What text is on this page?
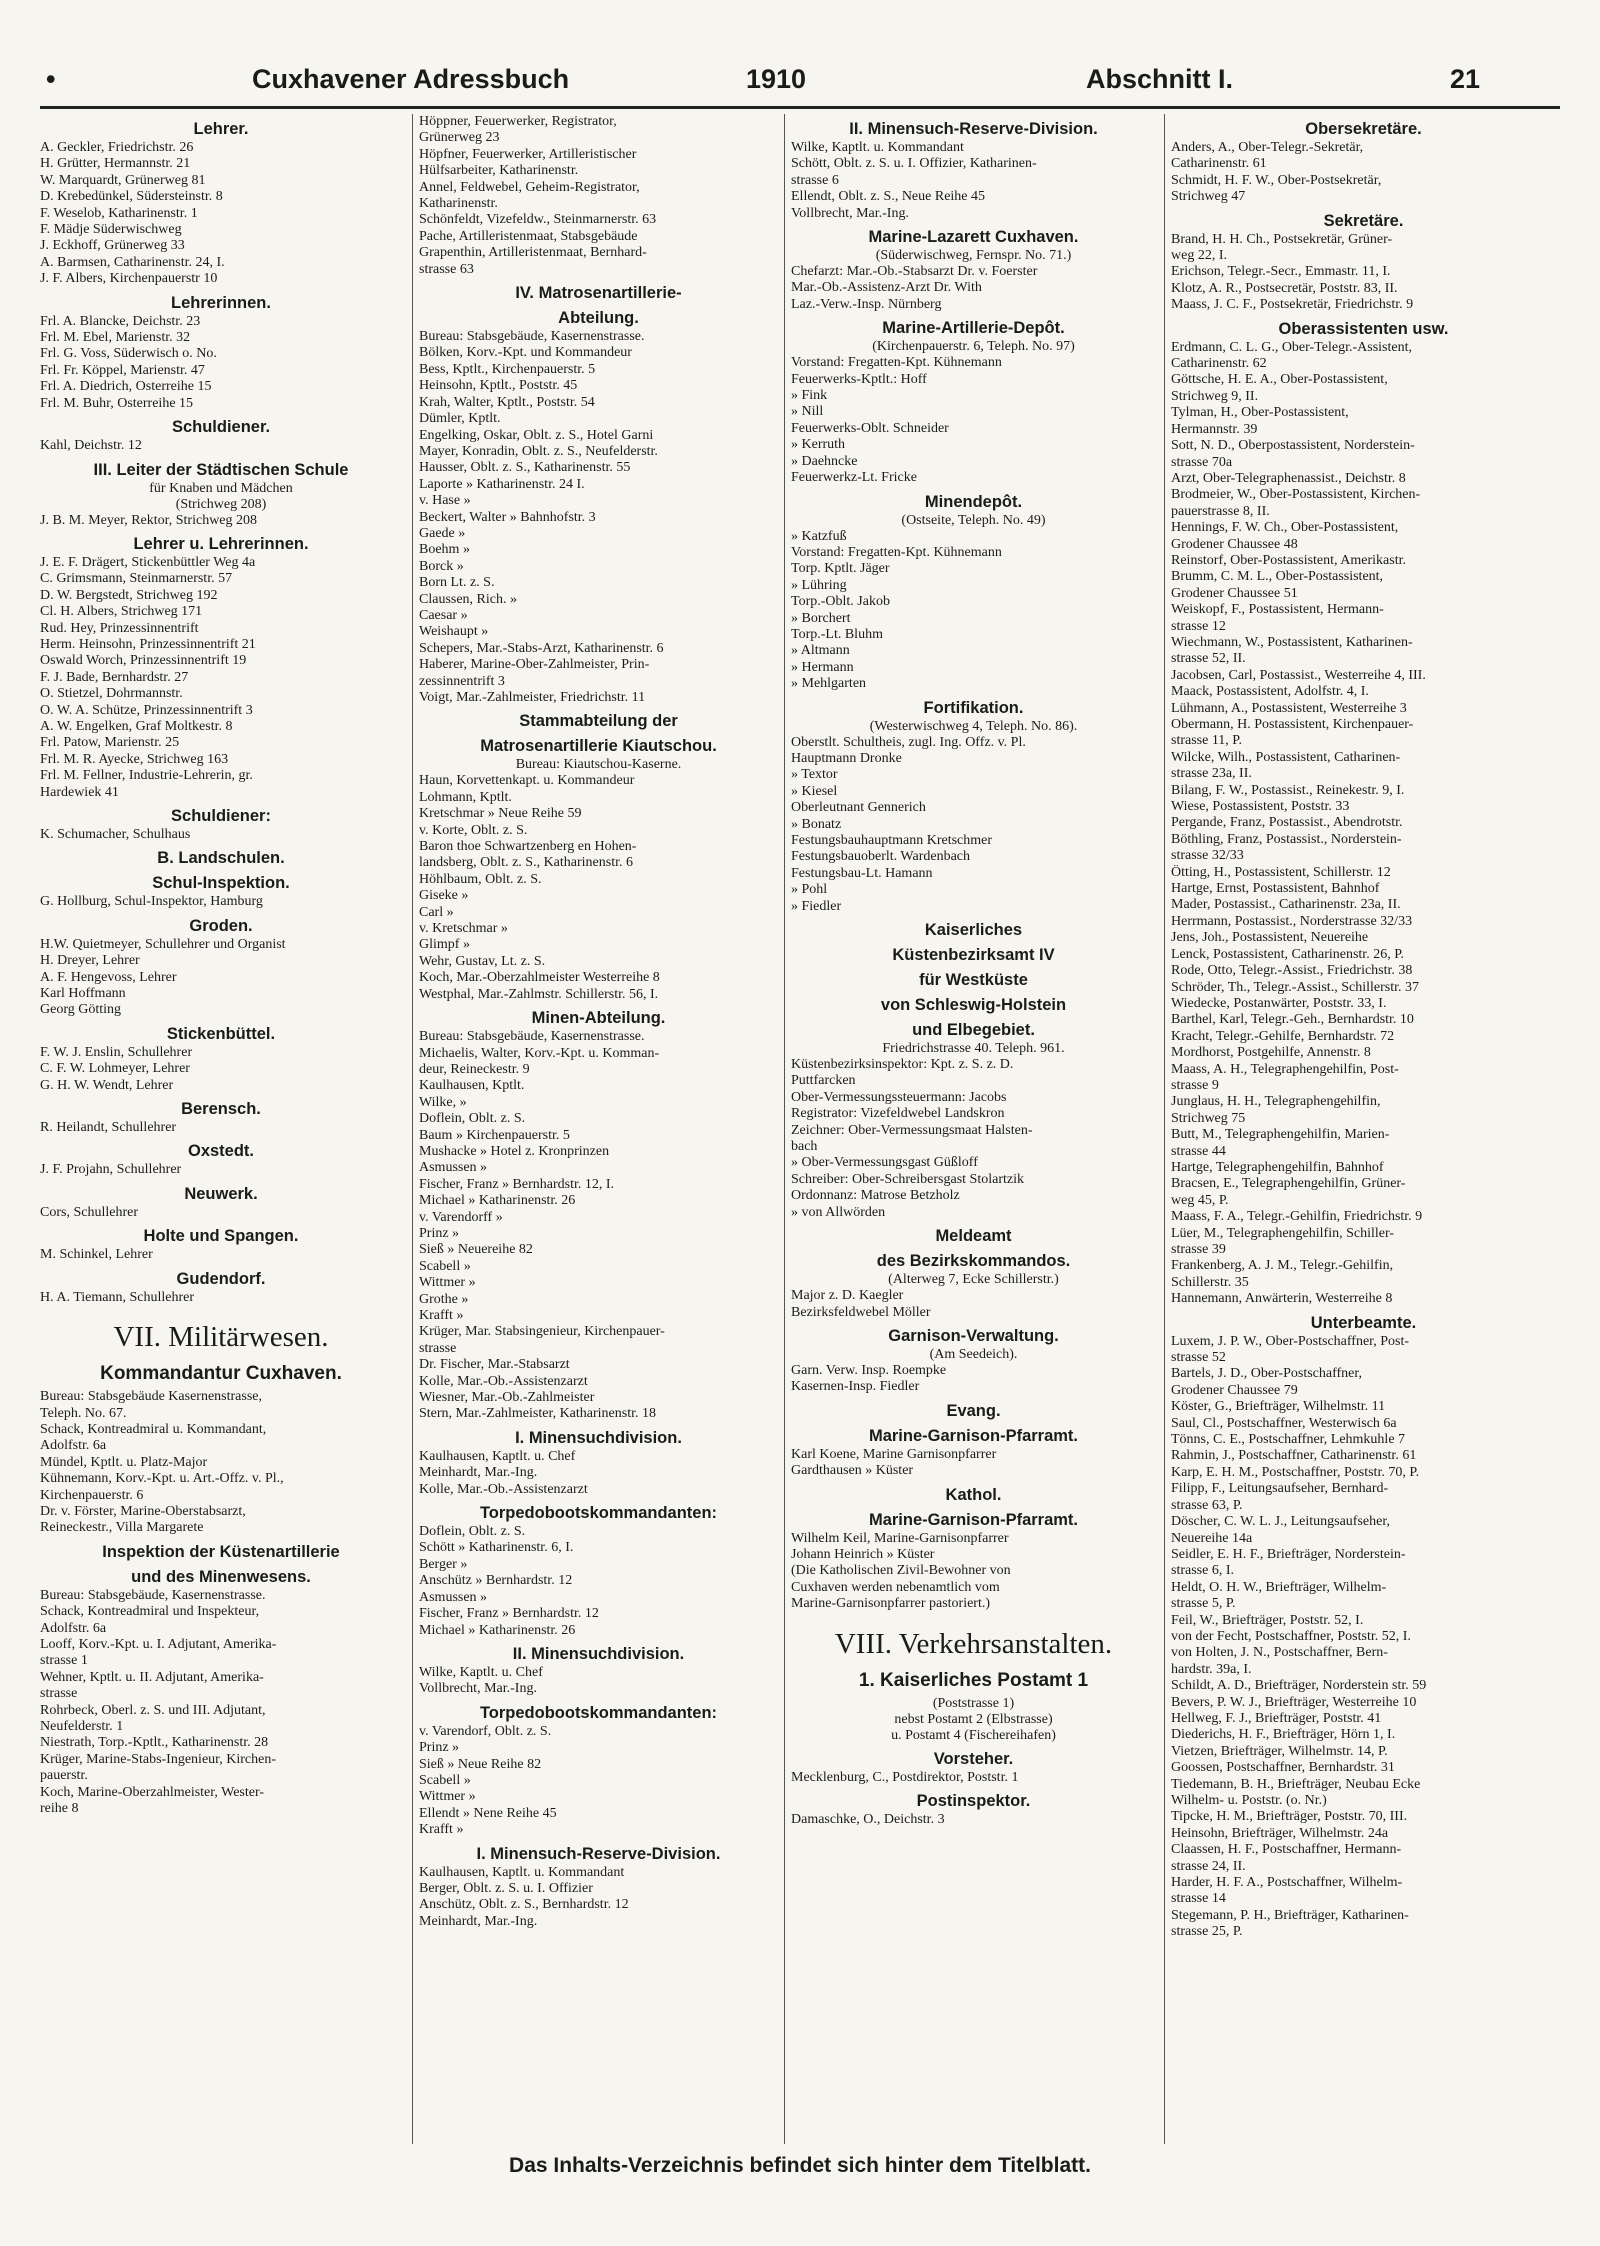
•	Cuxhavener Adressbuch	1910	Abschnitt I.	21
Lehrer.
A. Geckler, Friedrichstr. 26
H. Grütter, Hermannstr. 21
W. Marquardt, Grünerweg 81
D. Krebedünkel, Südersteinstr. 8
F. Weselob, Katharinenstr. 1
F. Mädje Süderwischweg
J. Eckhoff, Grünerweg 33
A. Barmsen, Catharinenstr. 24, I.
J. F. Albers, Kirchenpauerstr 10
Lehrerinnen.
Frl. A. Blancke, Deichstr. 23
Frl. M. Ebel, Marienstr. 32
Frl. G. Voss, Süderwisch o. No.
Frl. Fr. Köppel, Marienstr. 47
Frl. A. Diedrich, Osterreihe 15
Frl. M. Buhr, Osterreihe 15
Schuldiener.
Kahl, Deichstr. 12
III. Leiter der Städtischen Schule
für Knaben und Mädchen
(Strichweg 208)
J. B. M. Meyer, Rektor, Strichweg 208
Lehrer u. Lehrerinnen.
J. E. F. Drägert, Stickenbüttler Weg 4a
C. Grimsmann, Steinmarnerstr. 57
D. W. Bergstedt, Strichweg 192
Cl. H. Albers, Strichweg 171
Rud. Hey, Prinzessinnentrift
Herm. Heinsohn, Prinzessinnentrift 21
Oswald Worch, Prinzessinnentrift 19
F. J. Bade, Bernhardstr. 27
O. Stietzel, Dohrmannstr.
O. W. A. Schütze, Prinzessinnentrift 3
A. W. Engelken, Graf Moltkestr. 8
Frl. Patow, Marienstr. 25
Frl. M. R. Ayecke, Strichweg 163
Frl. M. Fellner, Industrie-Lehrerin, gr.
Hardewiek 41
Schuldiener:
K. Schumacher, Schulhaus
B. Landschulen.
Schul-Inspektion.
G. Hollburg, Schul-Inspektor, Hamburg
Groden.
H.W. Quietmeyer, Schullehrer und Organist
H. Dreyer, Lehrer
A. F. Hengevoss, Lehrer
Karl Hoffmann
Georg Götting
Stickenbüttel.
F. W. J. Enslin, Schullehrer
C. F. W. Lohmeyer, Lehrer
G. H. W. Wendt, Lehrer
Berensch.
R. Heilandt, Schullehrer
Oxstedt.
J. F. Projahn, Schullehrer
Neuwerk.
Cors, Schullehrer
Holte und Spangen.
M. Schinkel, Lehrer
Gudendorf.
H. A. Tiemann, Schullehrer
VII. Militärwesen.
Kommandantur Cuxhaven.
Bureau: Stabsgebäude Kasernenstrasse,
Teleph. No. 67.
Schack, Kontreadmiral u. Kommandant,
Adolfstr. 6a
Mündel, Kptlt. u. Platz-Major
Kühnemann, Korv.-Kpt. u. Art.-Offz. v. Pl.,
Kirchenpauerstr. 6
Dr. v. Förster, Marine-Oberstabsarzt,
Reineckestr., Villa Margarete
Inspektion der Küstenartillerie
und des Minenwesens.
Bureau: Stabsgebäude, Kasernenstrasse.
Schack, Kontreadmiral und Inspekteur,
Adolfstr. 6a
Looff, Korv.-Kpt. u. I. Adjutant, Amerika-
strasse 1
Wehner, Kptlt. u. II. Adjutant, Amerika-
strasse
Rohrbeck, Oberl. z. S. und III. Adjutant,
Neufelderstr. 1
Niestrath, Torp.-Kptlt., Katharinenstr. 28
Krüger, Marine-Stabs-Ingenieur, Kirchen-
pauerstr.
Koch, Marine-Oberzahlmeister, Wester-
reihe 8
Höppner, Feuerwerker, Registrator,
Grünerweg 23
Höpfner, Feuerwerker, Artilleristischer
Hülfsarbeiter, Katharinenstr.
Annel, Feldwebel, Geheim-Registrator,
Katharinenstr.
Schönfeldt, Vizefeldw., Steinmarnerstr. 63
Pache, Artilleristenmaat, Stabsgebäude
Grapenthin, Artilleristenmaat, Bernhard-
strasse 63
IV. Matrosenartillerie-
Abteilung.
Bureau: Stabsgebäude, Kasernenstrasse.
Bölken, Korv.-Kpt. und Kommandeur
Bess, Kptlt., Kirchenpauerstr. 5
Heinsohn, Kptlt., Poststr. 45
Krah, Walter, Kptlt., Poststr. 54
Dümler, Kptlt.
Engelking, Oskar, Oblt. z. S., Hotel Garni
Mayer, Konradin, Oblt. z. S., Neufelderstr.
Hausser, Oblt. z. S., Katharinenstr. 55
Laporte » Katharinenstr. 24 I.
v. Hase »
Beckert, Walter » Bahnhofstr. 3
Gaede »
Boehm »
Borck »
Born Lt. z. S.
Claussen, Rich. »
Caesar »
Weishaupt »
Schepers, Mar.-Stabs-Arzt, Katharinenstr. 6
Haberer, Marine-Ober-Zahlmeister, Prin-
zessinnentrift 3
Voigt, Mar.-Zahlmeister, Friedrichstr. 11
Stammabteilung der
Matrosenartillerie Kiautschou.
Bureau: Kiautschou-Kaserne.
Haun, Korvettenkapt. u. Kommandeur
Lohmann, Kptlt.
Kretschmar » Neue Reihe 59
v. Korte, Oblt. z. S.
Baron thoe Schwartzenberg en Hohen-
landsberg, Oblt. z. S., Katharinenstr. 6
Höhlbaum, Oblt. z. S.
Giseke »
Carl »
v. Kretschmar »
Glimpf »
Wehr, Gustav, Lt. z. S.
Koch, Mar.-Oberzahlmeister Westerreihe 8
Westphal, Mar.-Zahlmstr. Schillerstr. 56, I.
Minen-Abteilung.
Bureau: Stabsgebäude, Kasernenstrasse.
Michaelis, Walter, Korv.-Kpt. u. Komman-
deur, Reineckestr. 9
Kaulhausen, Kptlt.
Wilke, »
Doflein, Oblt. z. S.
Baum » Kirchenpauerstr. 5
Mushacke » Hotel z. Kronprinzen
Asmussen »
Fischer, Franz » Bernhardstr. 12, I.
Michael » Katharinenstr. 26
v. Varendorff »
Prinz »
Sieß » Neuereihe 82
Scabell »
Wittmer »
Grothe »
Krafft »
Krüger, Mar. Stabsingenieur, Kirchenpauer-
strasse
Dr. Fischer, Mar.-Stabsarzt
Kolle, Mar.-Ob.-Assistenzarzt
Wiesner, Mar.-Ob.-Zahlmeister
Stern, Mar.-Zahlmeister, Katharinenstr. 18
I. Minensuchdivision.
Kaulhausen, Kaptlt. u. Chef
Meinhardt, Mar.-Ing.
Kolle, Mar.-Ob.-Assistenzarzt
Torpedobootskommandanten:
Doflein, Oblt. z. S.
Schött » Katharinenstr. 6, I.
Berger »
Anschütz » Bernhardstr. 12
Asmussen »
Fischer, Franz » Bernhardstr. 12
Michael » Katharinenstr. 26
II. Minensuchdivision.
Wilke, Kaptlt. u. Chef
Vollbrecht, Mar.-Ing.
Torpedobootskommandanten:
v. Varendorf, Oblt. z. S.
Prinz »
Sieß » Neue Reihe 82
Scabell »
Wittmer »
Ellendt » Nene Reihe 45
Krafft »
I. Minensuch-Reserve-Division.
Kaulhausen, Kaptlt. u. Kommandant
Berger, Oblt. z. S. u. I. Offizier
Anschütz, Oblt. z. S., Bernhardstr. 12
Meinhardt, Mar.-Ing.
II. Minensuch-Reserve-Division.
Wilke, Kaptlt. u. Kommandant
Schött, Oblt. z. S. u. I. Offizier, Katharinen-
strasse 6
Ellendt, Oblt. z. S., Neue Reihe 45
Vollbrecht, Mar.-Ing.
Marine-Lazarett Cuxhaven.
(Süderwischweg, Fernspr. No. 71.)
Chefarzt: Mar.-Ob.-Stabsarzt Dr. v. Foerster
Mar.-Ob.-Assistenz-Arzt Dr. With
Laz.-Verw.-Insp. Nürnberg
Marine-Artillerie-Depôt.
(Kirchenpauerstr. 6, Teleph. No. 97)
Vorstand: Fregatten-Kpt. Kühnemann
Feuerwerks-Kptlt.: Hoff
» Fink
» Nill
Feuerwerks-Oblt. Schneider
» Kerruth
» Daehncke
Feuerwerkz-Lt. Fricke
Minendepôt.
(Ostseite, Teleph. No. 49)
» Katzfuß
Vorstand: Fregatten-Kpt. Kühnemann
Torp. Kptlt. Jäger
» Lühring
Torp.-Oblt. Jakob
» Borchert
Torp.-Lt. Bluhm
» Altmann
» Hermann
» Mehlgarten
Fortifikation.
(Westerwischweg 4, Teleph. No. 86).
Oberstlt. Schultheis, zugl. Ing. Offz. v. Pl.
Hauptmann Dronke
» Textor
» Kiesel
Oberleutnant Gennerich
» Bonatz
Festungsbauhauptmann Kretschmer
Festungsbauoberlt. Wardenbach
Festungsbau-Lt. Hamann
» Pohl
» Fiedler
Kaiserliches
Küstenbezirksamt IV
für Westküste
von Schleswig-Holstein
und Elbegebiet.
Friedrichstrasse 40. Teleph. 961.
Küstenbezirksinspektor: Kpt. z. S. z. D.
Puttfarcken
Ober-Vermessungssteuermann: Jacobs
Registrator: Vizefeldwebel Landskron
Zeichner: Ober-Vermessungsmaat Halsten-
bach
» Ober-Vermessungsgast Güßloff
Schreiber: Ober-Schreibersgast Stolartzik
Ordonnanz: Matrose Betzholz
» von Allwörden
Meldeamt
des Bezirkskommandos.
(Alterweg 7, Ecke Schillerstr.)
Major z. D. Kaegler
Bezirksfeldwebel Möller
Garnison-Verwaltung.
(Am Seedeich).
Garn. Verw. Insp. Roempke
Kasernen-Insp. Fiedler
Evang.
Marine-Garnison-Pfarramt.
Karl Koene, Marine Garnisonpfarrer
Gardthausen » Küster
Kathol.
Marine-Garnison-Pfarramt.
Wilhelm Keil, Marine-Garnisonpfarrer
Johann Heinrich » Küster
(Die Katholischen Zivil-Bewohner von
Cuxhaven werden nebenamtlich vom
Marine-Garnisonpfarrer pastoriert.)
VIII. Verkehrsanstalten.
1. Kaiserliches Postamt 1
(Poststrasse 1)
nebst Postamt 2 (Elbstrasse)
u. Postamt 4 (Fischereihafen)
Vorsteher.
Mecklenburg, C., Postdirektor, Poststr. 1
Postinspektor.
Damaschke, O., Deichstr. 3
Obersekretäre.
Anders, A., Ober-Telegr.-Sekretär,
Catharinenstr. 61
Schmidt, H. F. W., Ober-Postsekretär,
Strichweg 47
Sekretäre.
Brand, H. H. Ch., Postsekretär, Grüner-
weg 22, I.
Erichson, Telegr.-Secr., Emmastr. 11, I.
Klotz, A. R., Postsecretär, Poststr. 83, II.
Maass, J. C. F., Postsekretär, Friedrichstr. 9
Oberassistenten usw.
Erdmann, C. L. G., Ober-Telegr.-Assistent,
Catharinenstr. 62
Göttsche, H. E. A., Ober-Postassistent,
Strichweg 9, II.
Tylman, H., Ober-Postassistent,
Hermannstr. 39
Sott, N. D., Oberpostassistent, Norderstein-
strasse 70a
Arzt, Ober-Telegraphenassist., Deichstr. 8
Brodmeier, W., Ober-Postassistent, Kirchen-
pauerstrasse 8, II.
Hennings, F. W. Ch., Ober-Postassistent,
Grodener Chaussee 48
Reinstorf, Ober-Postassistent, Amerikastr.
Brumm, C. M. L., Ober-Postassistent,
Grodener Chaussee 51
Weiskopf, F., Postassistent, Hermann-
strasse 12
Wiechmann, W., Postassistent, Katharinen-
strasse 52, II.
Jacobsen, Carl, Postassist., Westerreihe 4, III.
Maack, Postassistent, Adolfstr. 4, I.
Lühmann, A., Postassistent, Westerreihe 3
Obermann, H. Postassistent, Kirchenpauer-
strasse 11, P.
Wilcke, Wilh., Postassistent, Catharinen-
strasse 23a, II.
Bilang, F. W., Postassist., Reinekestr. 9, I.
Wiese, Postassistent, Poststr. 33
Pergande, Franz, Postassist., Abendrotstr.
Böthling, Franz, Postassist., Norderstein-
strasse 32/33
Ötting, H., Postassistent, Schillerstr. 12
Hartge, Ernst, Postassistent, Bahnhof
Mader, Postassist., Catharinenstr. 23a, II.
Herrmann, Postassist., Norderstrasse 32/33
Jens, Joh., Postassistent, Neuereihe
Lenck, Postassistent, Catharinenstr. 26, P.
Rode, Otto, Telegr.-Assist., Friedrichstr. 38
Schröder, Th., Telegr.-Assist., Schillerstr. 37
Wiedecke, Postanwärter, Poststr. 33, I.
Barthel, Karl, Telegr.-Geh., Bernhardstr. 10
Kracht, Telegr.-Gehilfe, Bernhardstr. 72
Mordhorst, Postgehilfe, Annenstr. 8
Maass, A. H., Telegraphengehilfin, Post-
strasse 9
Junglaus, H. H., Telegraphengehilfin,
Strichweg 75
Butt, M., Telegraphengehilfin, Marien-
strasse 44
Hartge, Telegraphengehilfin, Bahnhof
Bracsen, E., Telegraphengehilfin, Grüner-
weg 45, P.
Maass, F. A., Telegr.-Gehilfin, Friedrichstr. 9
Lüer, M., Telegraphengehilfin, Schiller-
strasse 39
Frankenberg, A. J. M., Telegr.-Gehilfin,
Schillerstr. 35
Hannemann, Anwärterin, Westerreihe 8
Unterbeamte.
Luxem, J. P. W., Ober-Postschaffner, Post-
strasse 52
Bartels, J. D., Ober-Postschaffner,
Grodener Chaussee 79
Köster, G., Briefträger, Wilhelmstr. 11
Saul, Cl., Postschaffner, Westerwisch 6a
Tönns, C. E., Postschaffner, Lehmkuhle 7
Rahmin, J., Postschaffner, Catharinenstr. 61
Karp, E. H. M., Postschaffner, Poststr. 70, P.
Filipp, F., Leitungsaufseher, Bernhard-
strasse 63, P.
Döscher, C. W. L. J., Leitungsaufseher,
Neuereihe 14a
Seidler, E. H. F., Briefträger, Norderstein-
strasse 6, I.
Heldt, O. H. W., Briefträger, Wilhelm-
strasse 5, P.
Feil, W., Briefträger, Poststr. 52, I.
von der Fecht, Postschaffner, Poststr. 52, I.
von Holten, J. N., Postschaffner, Bern-
hardstr. 39a, I.
Schildt, A. D., Briefträger, Norderstein str. 59
Bevers, P. W. J., Briefträger, Westerreihe 10
Hellweg, F. J., Briefträger, Poststr. 41
Diederichs, H. F., Briefträger, Hörn 1, I.
Vietzen, Briefträger, Wilhelmstr. 14, P.
Goossen, Postschaffner, Bernhardstr. 31
Tiedemann, B. H., Briefträger, Neubau Ecke
Wilhelm- u. Poststr. (o. Nr.)
Tipcke, H. M., Briefträger, Poststr. 70, III.
Heinsohn, Briefträger, Wilhelmstr. 24a
Claassen, H. F., Postschaffner, Hermann-
strasse 24, II.
Harder, H. F. A., Postschaffner, Wilhelm-
strasse 14
Stegemann, P. H., Briefträger, Katharinen-
strasse 25, P.
Das Inhalts-Verzeichnis befindet sich hinter dem Titelblatt.
